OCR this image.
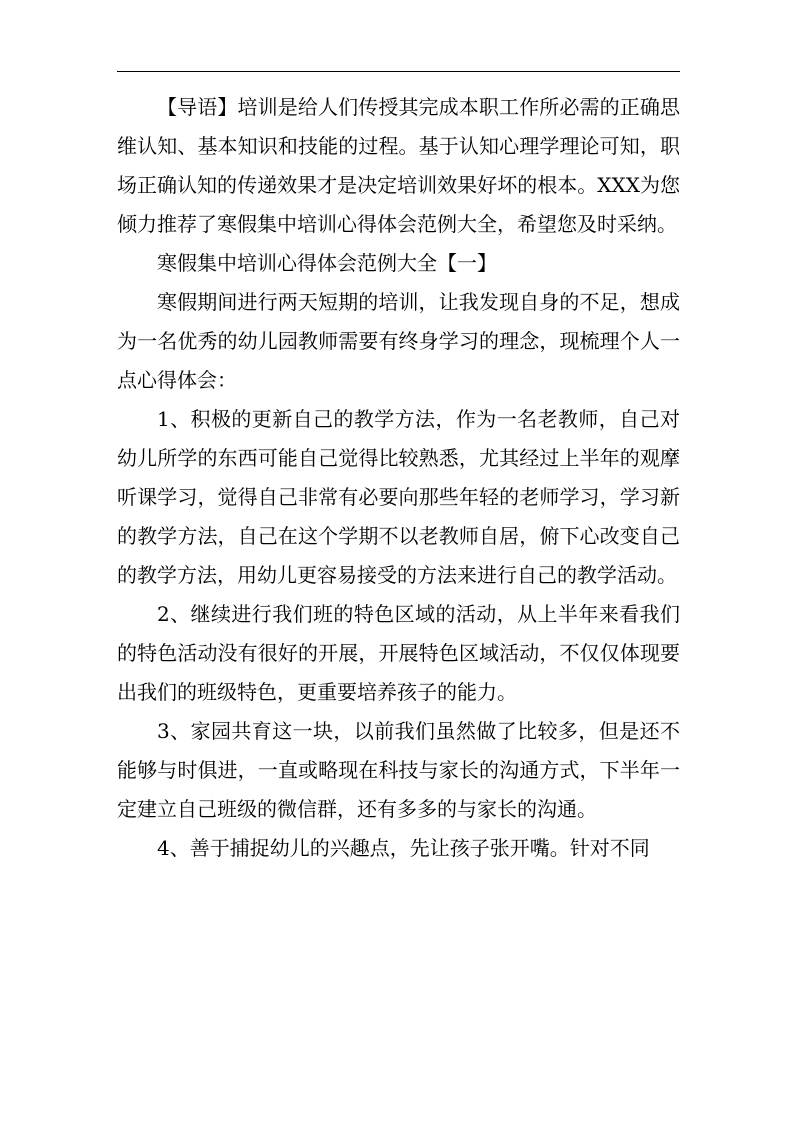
【导语】培训是给人们传授其完成本职工作所必需的正确思维认知、基本知识和技能的过程。基于认知心理学理论可知，职场正确认知的传递效果才是决定培训效果好坏的根本。XXX为您倾力推荐了寒假集中培训心得体会范例大全，希望您及时采纳。

寒假集中培训心得体会范例大全【一】

寒假期间进行两天短期的培训，让我发现自身的不足，想成为一名优秀的幼儿园教师需要有终身学习的理念，现梳理个人一点心得体会：

1、积极的更新自己的教学方法，作为一名老教师，自己对幼儿所学的东西可能自己觉得比较熟悉，尤其经过上半年的观摩听课学习，觉得自己非常有必要向那些年轻的老师学习，学习新的教学方法，自己在这个学期不以老教师自居，俯下心改变自己的教学方法，用幼儿更容易接受的方法来进行自己的教学活动。

2、继续进行我们班的特色区域的活动，从上半年来看我们的特色活动没有很好的开展，开展特色区域活动，不仅仅体现要出我们的班级特色，更重要培养孩子的能力。

3、家园共育这一块，以前我们虽然做了比较多，但是还不能够与时俱进，一直或略现在科技与家长的沟通方式，下半年一定建立自己班级的微信群，还有多多的与家长的沟通。

4、善于捕捉幼儿的兴趣点，先让孩子张开嘴。针对不同
